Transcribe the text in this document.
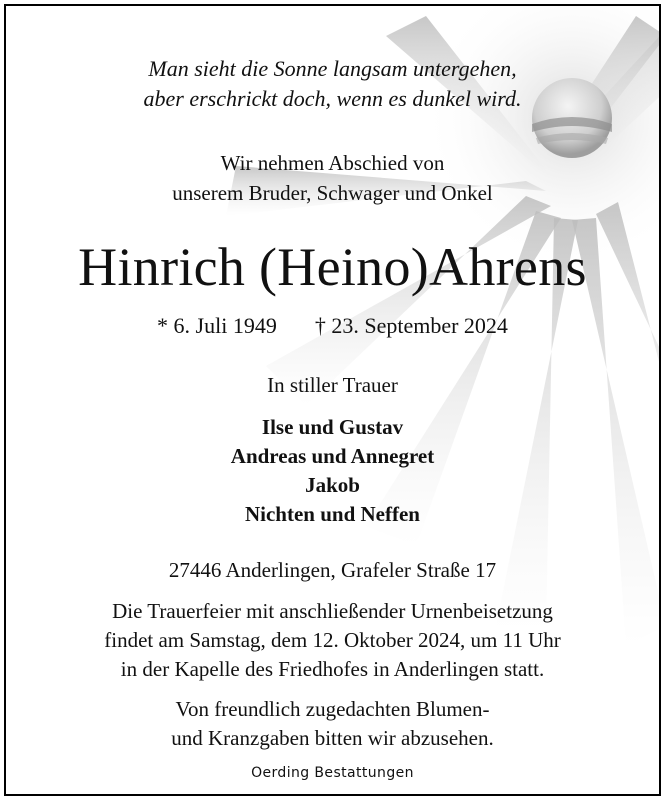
Man sieht die Sonne langsam untergehen,
aber erschrickt doch, wenn es dunkel wird.
Wir nehmen Abschied von
unserem Bruder, Schwager und Onkel
Hinrich (Heino)Ahrens
* 6. Juli 1949 † 23. September 2024
In stiller Trauer
Ilse und Gustav
Andreas und Annegret
Jakob
Nichten und Neffen
27446 Anderlingen, Grafeler Straße 17
Die Trauerfeier mit anschließender Urnenbeisetzung
findet am Samstag, dem 12. Oktober 2024, um 11 Uhr
in der Kapelle des Friedhofes in Anderlingen statt.
Von freundlich zugedachten Blumen-
und Kranzgaben bitten wir abzusehen.
Oerding Bestattungen
